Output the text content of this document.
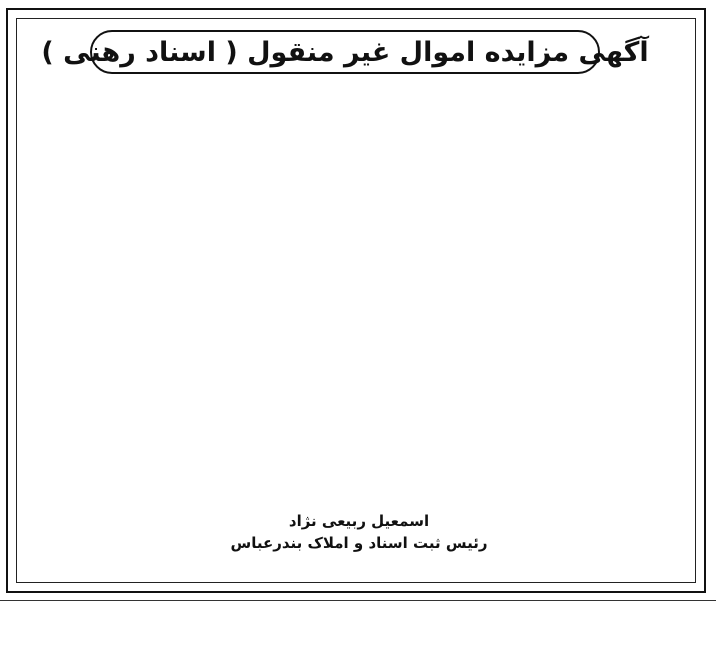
آگهی مزایده اموال غیر منقول ( اسناد رهنی )
اسمعیل ربیعی نژاد
رئیس ثبت اسناد و املاک بندرعباس
